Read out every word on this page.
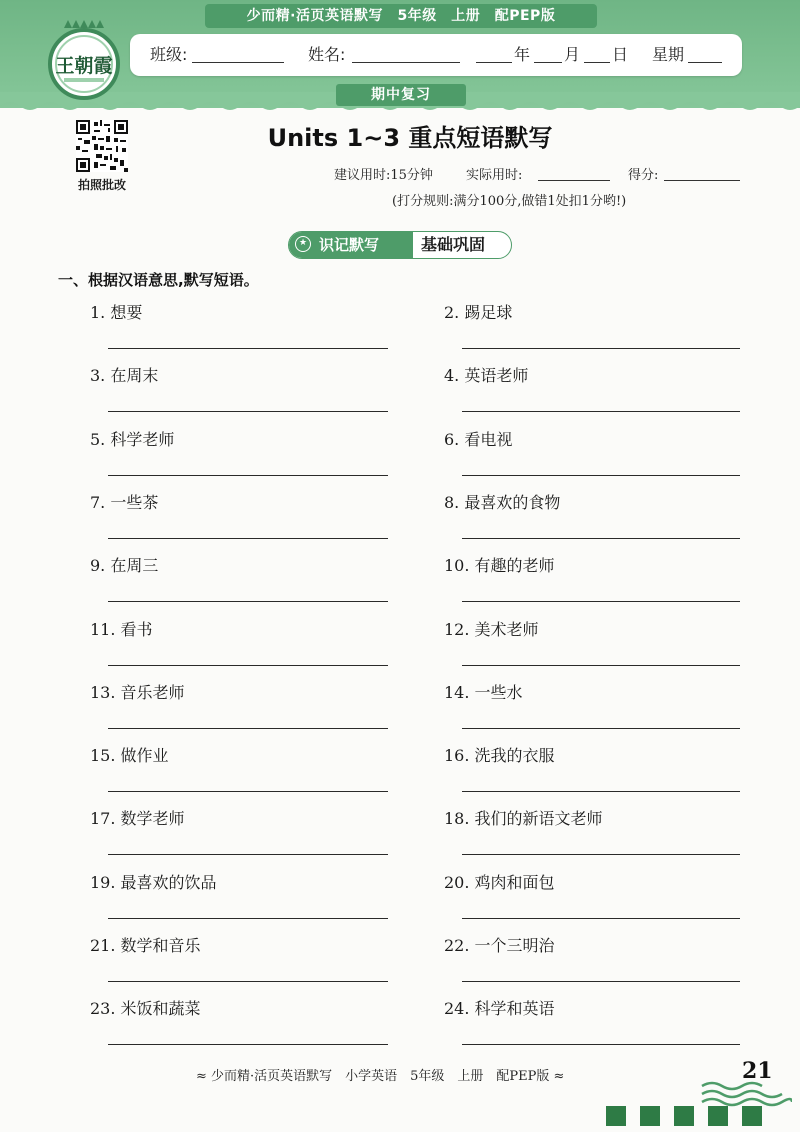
少而精·活页英语默写　5年级　上册　配PEP版
王朝霞
班级:	姓名:	年 月 日 星期
期中复习
拍照批改
Units 1~3 重点短语默写
建议用时:15分钟	实际用时:	得分:
(打分规则:满分100分,做错1处扣1分哟!)
★ 识记默写	基础巩固
一、根据汉语意思,默写短语。
1. 想要	2. 踢足球
3. 在周末	4. 英语老师
5. 科学老师	6. 看电视
7. 一些茶	8. 最喜欢的食物
9. 在周三	10. 有趣的老师
11. 看书	12. 美术老师
13. 音乐老师	14. 一些水
15. 做作业	16. 洗我的衣服
17. 数学老师	18. 我们的新语文老师
19. 最喜欢的饮品	20. 鸡肉和面包
21. 数学和音乐	22. 一个三明治
23. 米饭和蔬菜	24. 科学和英语
≈ 少而精·活页英语默写　小学英语　5年级　上册　配PEP版 ≈	21
